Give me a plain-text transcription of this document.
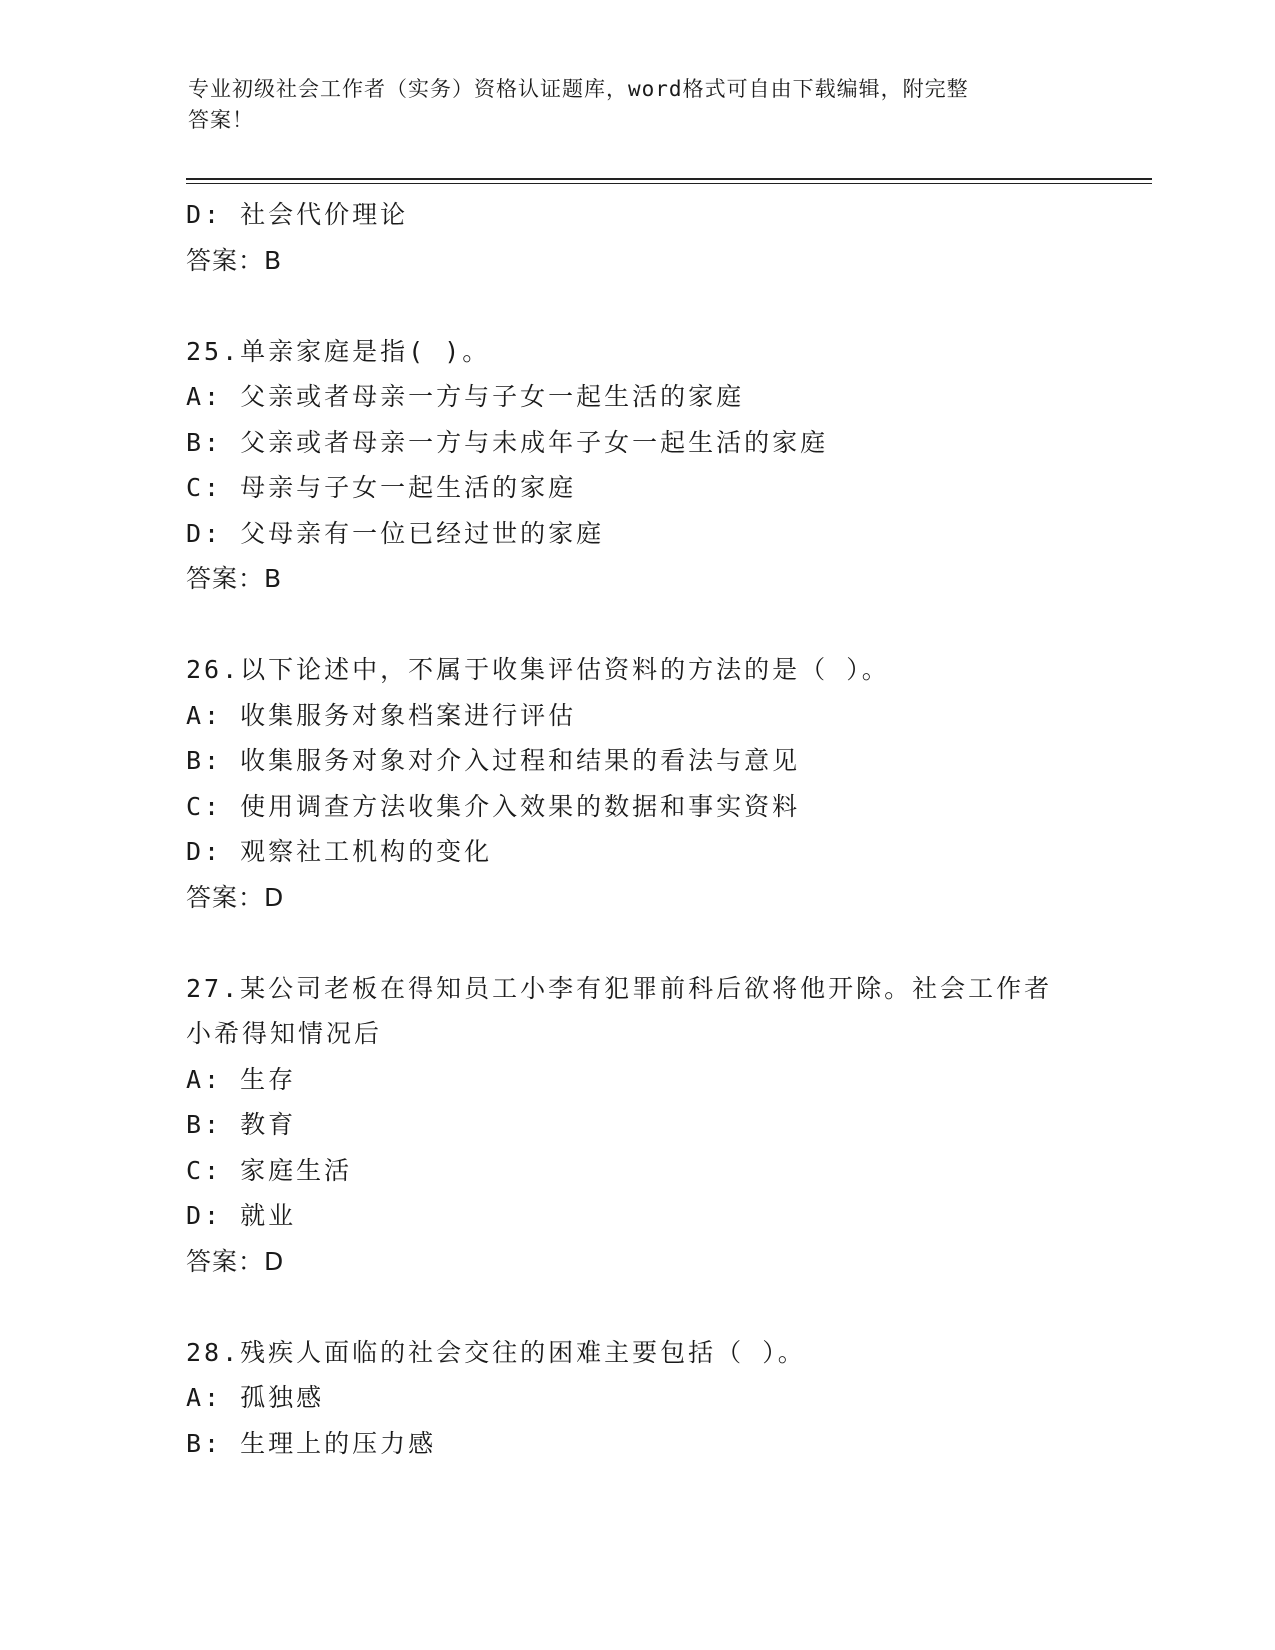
专业初级社会工作者（实务）资格认证题库，word格式可自由下载编辑，附完整
答案！
D: 社会代价理论
答案：B
25.单亲家庭是指( )。
A: 父亲或者母亲一方与子女一起生活的家庭
B: 父亲或者母亲一方与未成年子女一起生活的家庭
C: 母亲与子女一起生活的家庭
D: 父母亲有一位已经过世的家庭
答案：B
26.以下论述中，不属于收集评估资料的方法的是（ ）。
A: 收集服务对象档案进行评估
B: 收集服务对象对介入过程和结果的看法与意见
C: 使用调查方法收集介入效果的数据和事实资料
D: 观察社工机构的变化
答案：D
27.某公司老板在得知员工小李有犯罪前科后欲将他开除。社会工作者
小希得知情况后
A: 生存
B: 教育
C: 家庭生活
D: 就业
答案：D
28.残疾人面临的社会交往的困难主要包括（ ）。
A: 孤独感
B: 生理上的压力感
